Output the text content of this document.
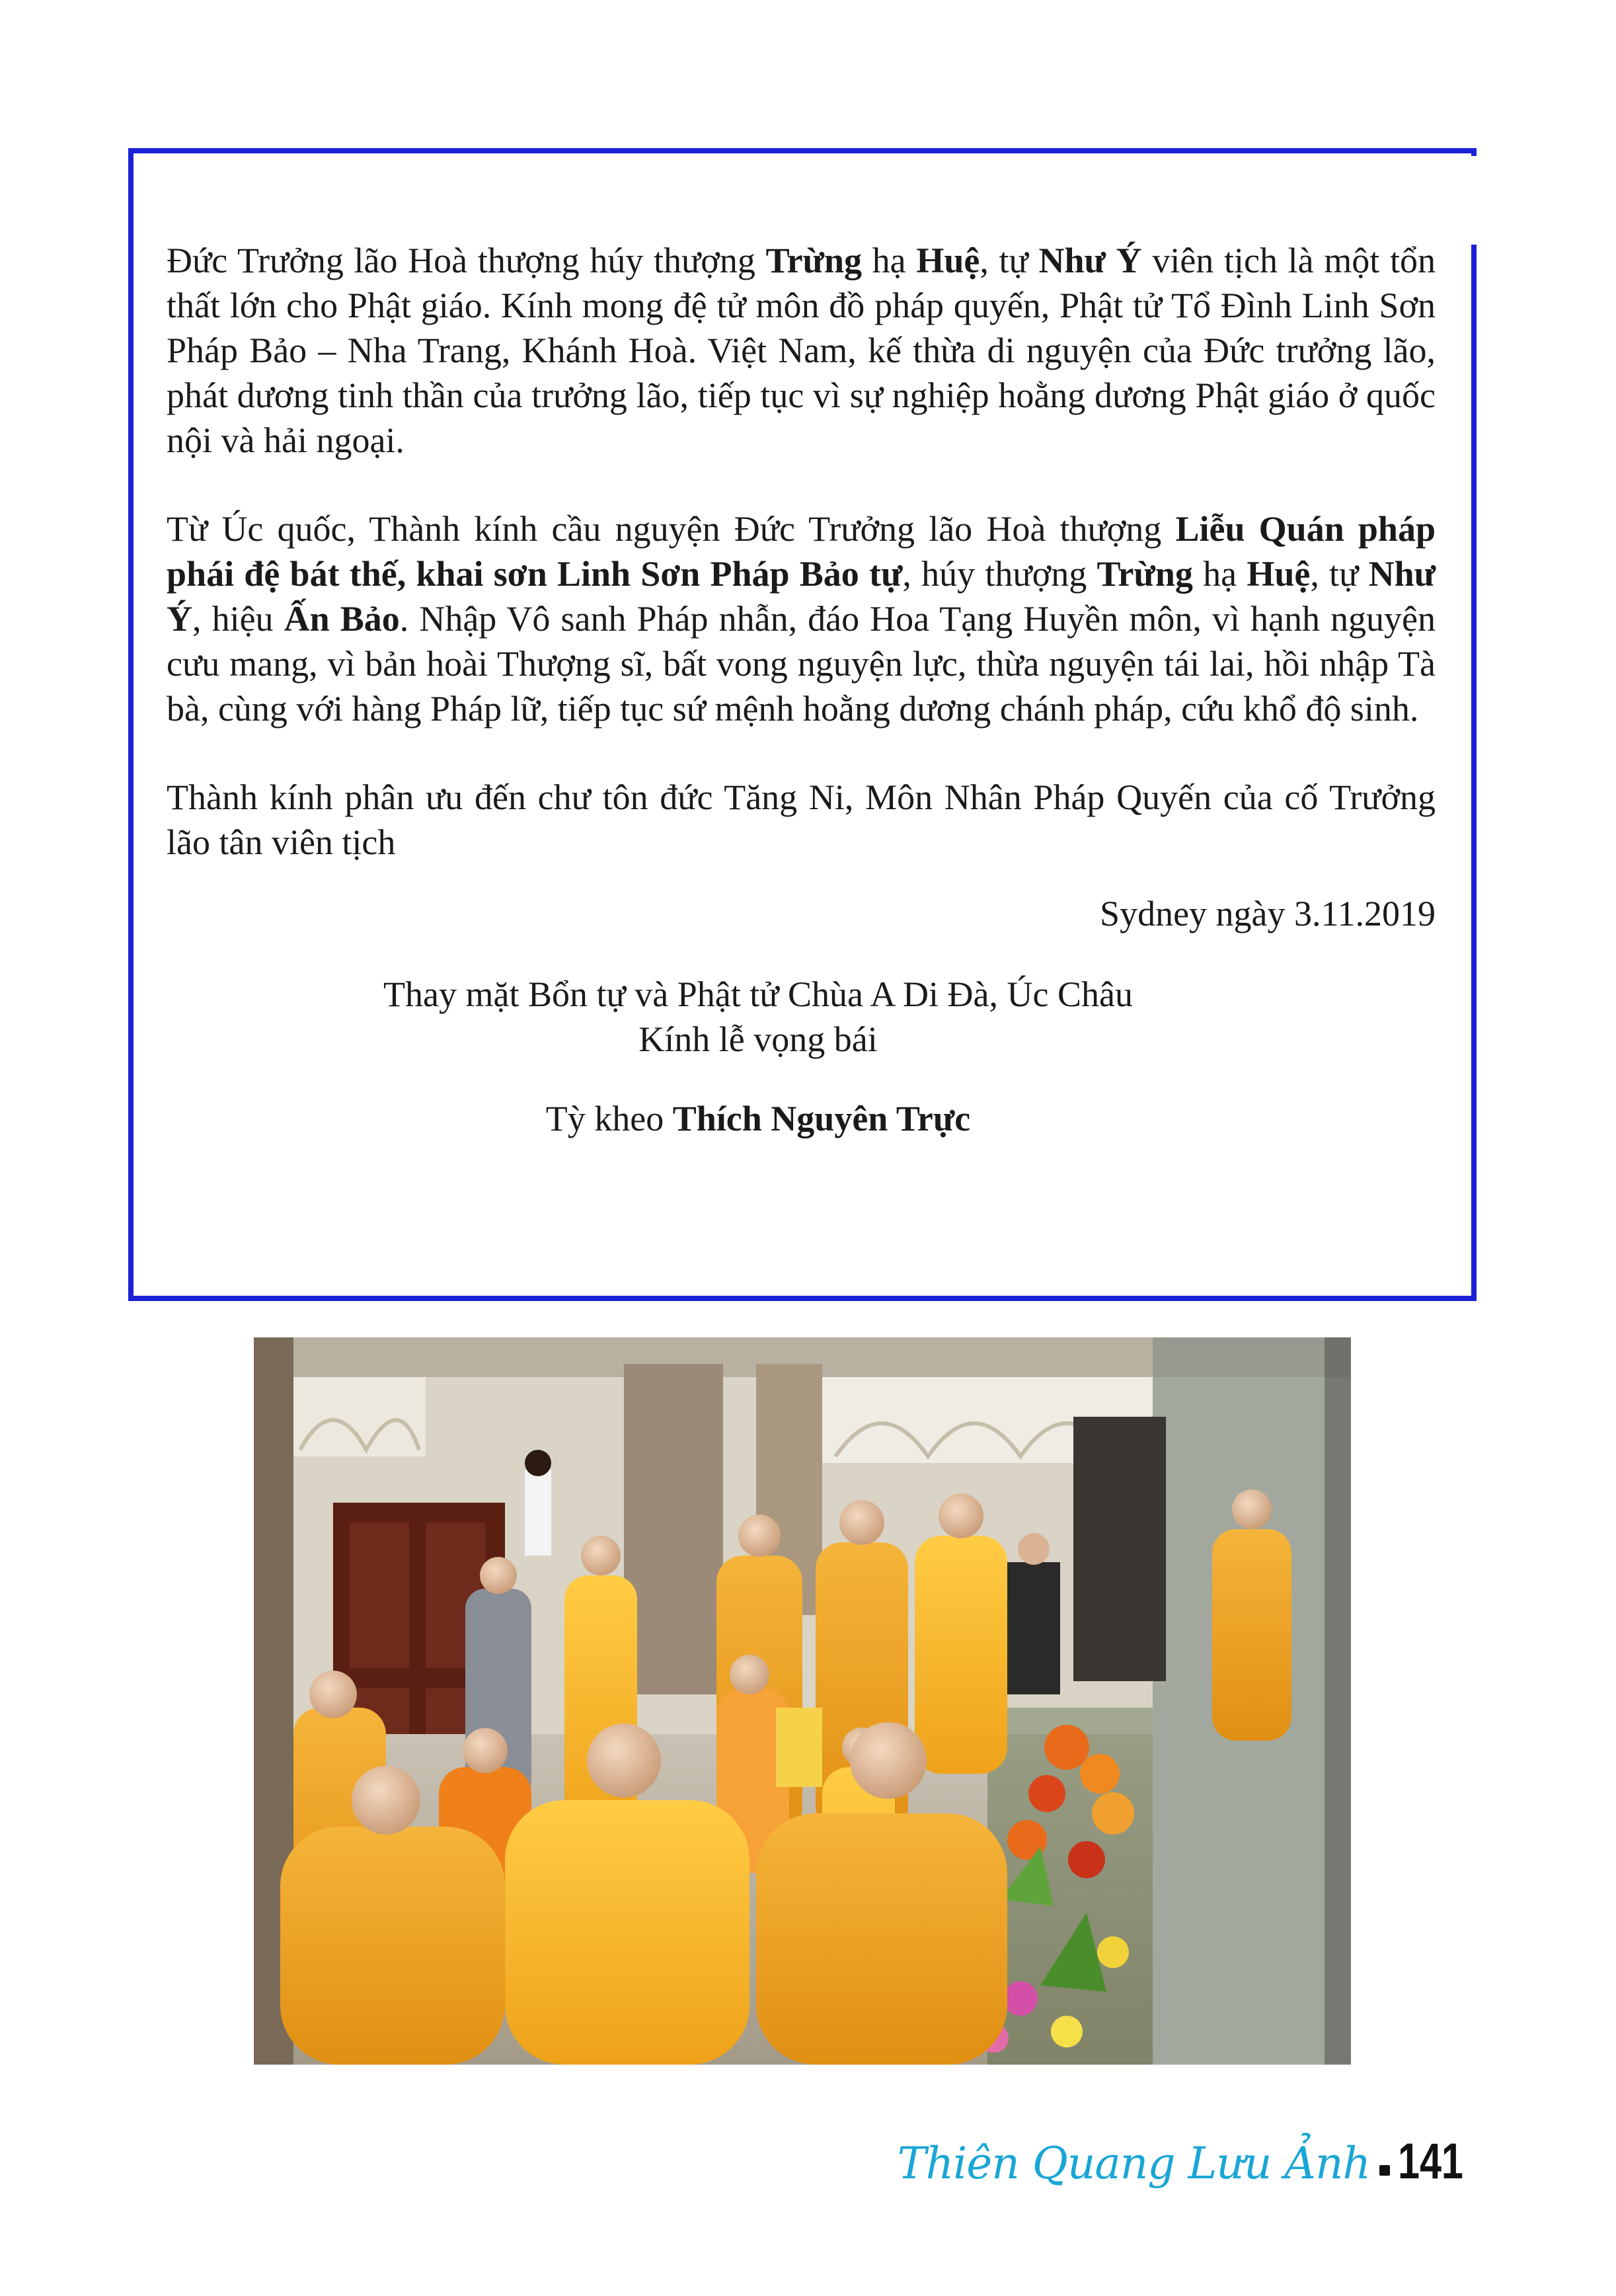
Đức Trưởng lão Hoà thượng húy thượng Trừng hạ Huệ, tự Như Ý viên tịch là một tổn thất lớn cho Phật giáo. Kính mong đệ tử môn đồ pháp quyến, Phật tử Tổ Đình Linh Sơn Pháp Bảo – Nha Trang, Khánh Hoà. Việt Nam, kế thừa di nguyện của Đức trưởng lão, phát dương tinh thần của trưởng lão, tiếp tục vì sự nghiệp hoằng dương Phật giáo ở quốc nội và hải ngoại.

Từ Úc quốc, Thành kính cầu nguyện Đức Trưởng lão Hoà thượng Liễu Quán pháp phái đệ bát thế, khai sơn Linh Sơn Pháp Bảo tự, húy thượng Trừng hạ Huệ, tự Như Ý, hiệu Ấn Bảo. Nhập Vô sanh Pháp nhẫn, đáo Hoa Tạng Huyền môn, vì hạnh nguyện cưu mang, vì bản hoài Thượng sĩ, bất vong nguyện lực, thừa nguyện tái lai, hồi nhập Tà bà, cùng với hàng Pháp lữ, tiếp tục sứ mệnh hoằng dương chánh pháp, cứu khổ độ sinh.

Thành kính phân ưu đến chư tôn đức Tăng Ni, Môn Nhân Pháp Quyến của cố Trưởng lão tân viên tịch

Sydney ngày 3.11.2019

Thay mặt Bổn tự và Phật tử Chùa A Di Đà, Úc Châu
Kính lễ vọng bái
Tỳ kheo Thích Nguyên Trực
Thiên Quang Lưu Ảnh 141
